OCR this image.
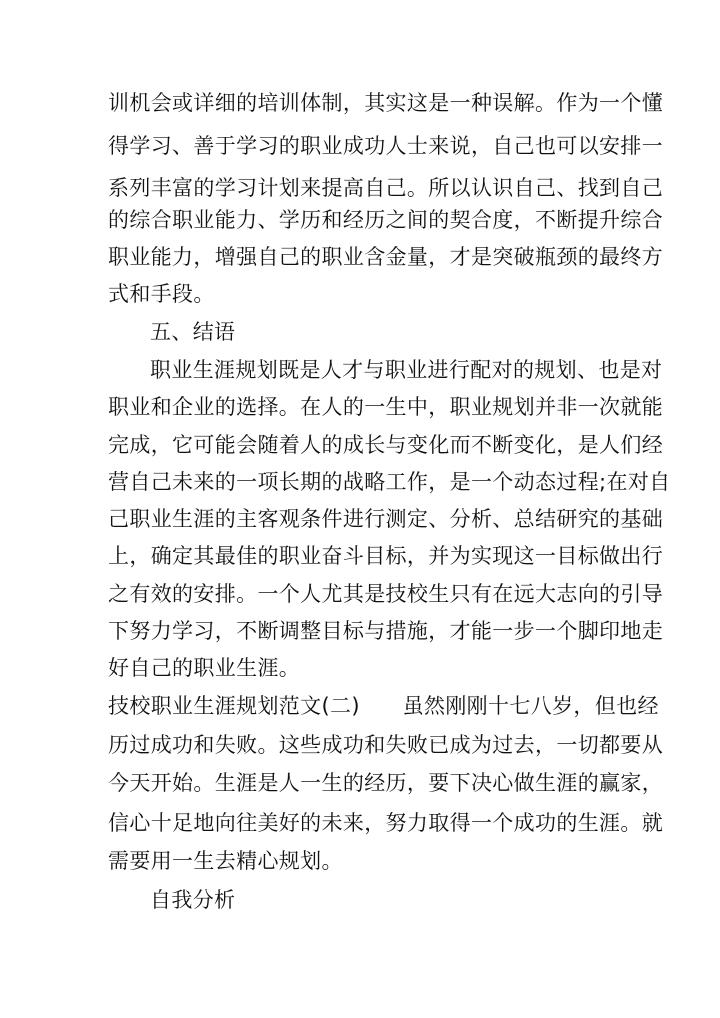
训机会或详细的培训体制，其实这是一种误解。作为一个懂
得学习、善于学习的职业成功人士来说，自己也可以安排一
系列丰富的学习计划来提高自己。所以认识自己、找到自己
的综合职业能力、学历和经历之间的契合度，不断提升综合
职业能力，增强自己的职业含金量，才是突破瓶颈的最终方
式和手段。
五、结语
职业生涯规划既是人才与职业进行配对的规划、也是对
职业和企业的选择。在人的一生中，职业规划并非一次就能
完成，它可能会随着人的成长与变化而不断变化，是人们经
营自己未来的一项长期的战略工作，是一个动态过程;在对自
己职业生涯的主客观条件进行测定、分析、总结研究的基础
上，确定其最佳的职业奋斗目标，并为实现这一目标做出行
之有效的安排。一个人尤其是技校生只有在远大志向的引导
下努力学习，不断调整目标与措施，才能一步一个脚印地走
好自己的职业生涯。
技校职业生涯规划范文(二)　　虽然刚刚十七八岁，但也经
历过成功和失败。这些成功和失败已成为过去，一切都要从
今天开始。生涯是人一生的经历，要下决心做生涯的赢家，
信心十足地向往美好的未来，努力取得一个成功的生涯。就
需要用一生去精心规划。
自我分析
